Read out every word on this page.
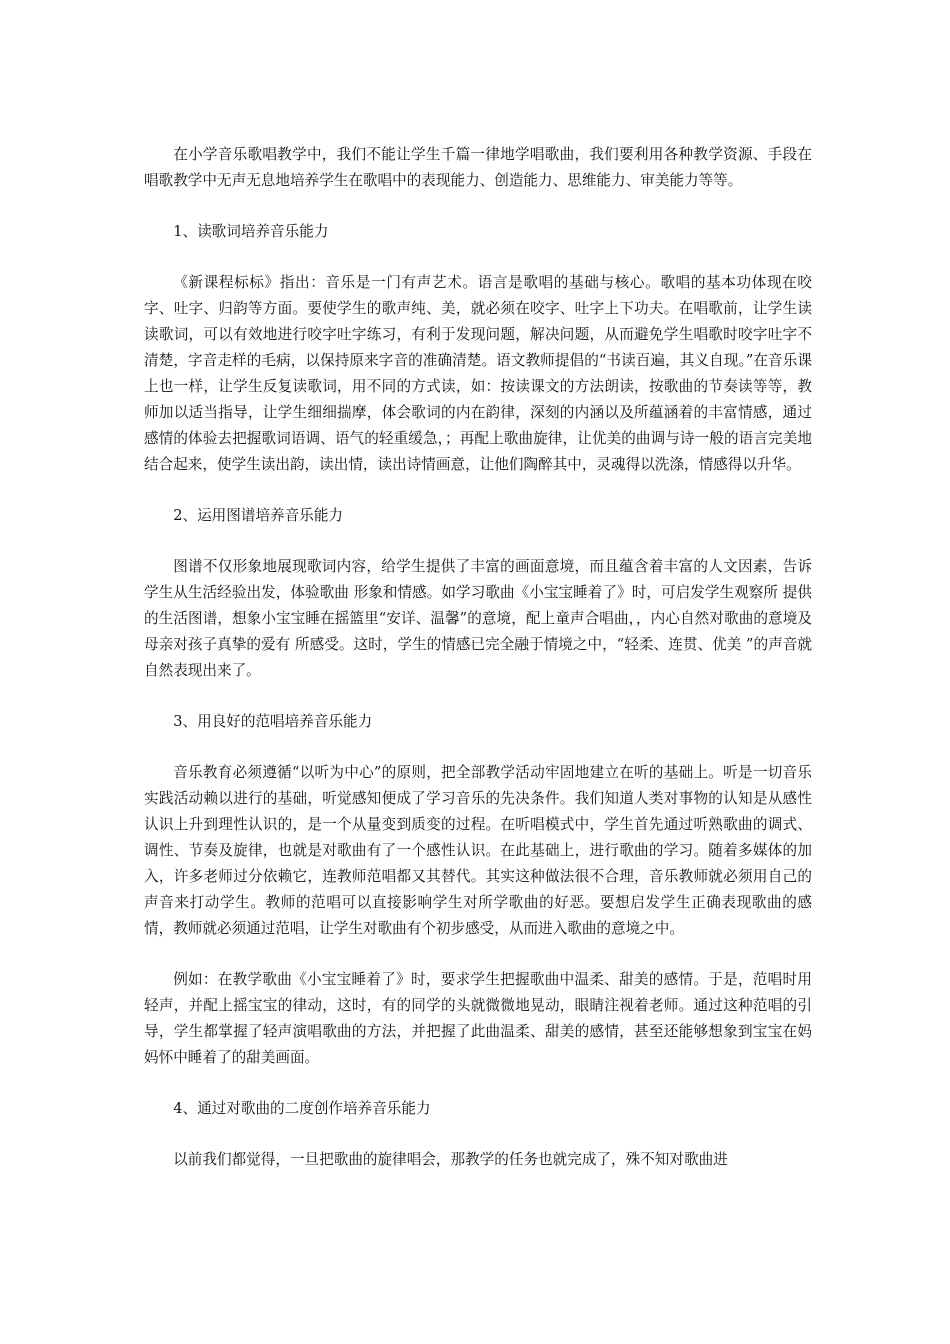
在小学音乐歌唱教学中，我们不能让学生千篇一律地学唱歌曲，我们要利用各种教学资源、手段在唱歌教学中无声无息地培养学生在歌唱中的表现能力、创造能力、思维能力、审美能力等等。

1、读歌词培养音乐能力

《新课程标标》指出：音乐是一门有声艺术。语言是歌唱的基础与核心。歌唱的基本功体现在咬字、吐字、归韵等方面。要使学生的歌声纯、美，就必须在咬字、吐字上下功夫。在唱歌前，让学生读读歌词，可以有效地进行咬字吐字练习，有利于发现问题，解决问题，从而避免学生唱歌时咬字吐字不清楚，字音走样的毛病，以保持原来字音的准确清楚。语文教师提倡的“书读百遍，其义自现。”在音乐课上也一样，让学生反复读歌词，用不同的方式读，如：按读课文的方法朗读，按歌曲的节奏读等等，教师加以适当指导，让学生细细揣摩，体会歌词的内在韵律，深刻的内涵以及所蕴涵着的丰富情感，通过感情的体验去把握歌词语调、语气的轻重缓急，；再配上歌曲旋律，让优美的曲调与诗一般的语言完美地结合起来，使学生读出韵，读出情，读出诗情画意，让他们陶醉其中，灵魂得以洗涤，情感得以升华。

2、运用图谱培养音乐能力

图谱不仅形象地展现歌词内容，给学生提供了丰富的画面意境，而且蕴含着丰富的人文因素，告诉学生从生活经验出发，体验歌曲 形象和情感。如学习歌曲《小宝宝睡着了》时，可启发学生观察所 提供的生活图谱，想象小宝宝睡在摇篮里“安详、温馨”的意境，配上童声合唱曲，，内心自然对歌曲的意境及母亲对孩子真挚的爱有 所感受。这时，学生的情感已完全融于情境之中，“轻柔、连贯、优美 ”的声音就自然表现出来了。

3、用良好的范唱培养音乐能力

音乐教育必须遵循“以听为中心”的原则，把全部教学活动牢固地建立在听的基础上。听是一切音乐实践活动赖以进行的基础，听觉感知便成了学习音乐的先决条件。我们知道人类对事物的认知是从感性认识上升到理性认识的，是一个从量变到质变的过程。在听唱模式中，学生首先通过听熟歌曲的调式、调性、节奏及旋律，也就是对歌曲有了一个感性认识。在此基础上，进行歌曲的学习。随着多媒体的加入，许多老师过分依赖它，连教师范唱都又其替代。其实这种做法很不合理，音乐教师就必须用自己的声音来打动学生。教师的范唱可以直接影响学生对所学歌曲的好恶。要想启发学生正确表现歌曲的感情，教师就必须通过范唱，让学生对歌曲有个初步感受，从而进入歌曲的意境之中。

例如：在教学歌曲《小宝宝睡着了》时，要求学生把握歌曲中温柔、甜美的感情。于是，范唱时用轻声，并配上摇宝宝的律动，这时，有的同学的头就微微地晃动，眼睛注视着老师。通过这种范唱的引导，学生都掌握了轻声演唱歌曲的方法，并把握了此曲温柔、甜美的感情，甚至还能够想象到宝宝在妈妈怀中睡着了的甜美画面。

4、通过对歌曲的二度创作培养音乐能力

以前我们都觉得，一旦把歌曲的旋律唱会，那教学的任务也就完成了，殊不知对歌曲进
